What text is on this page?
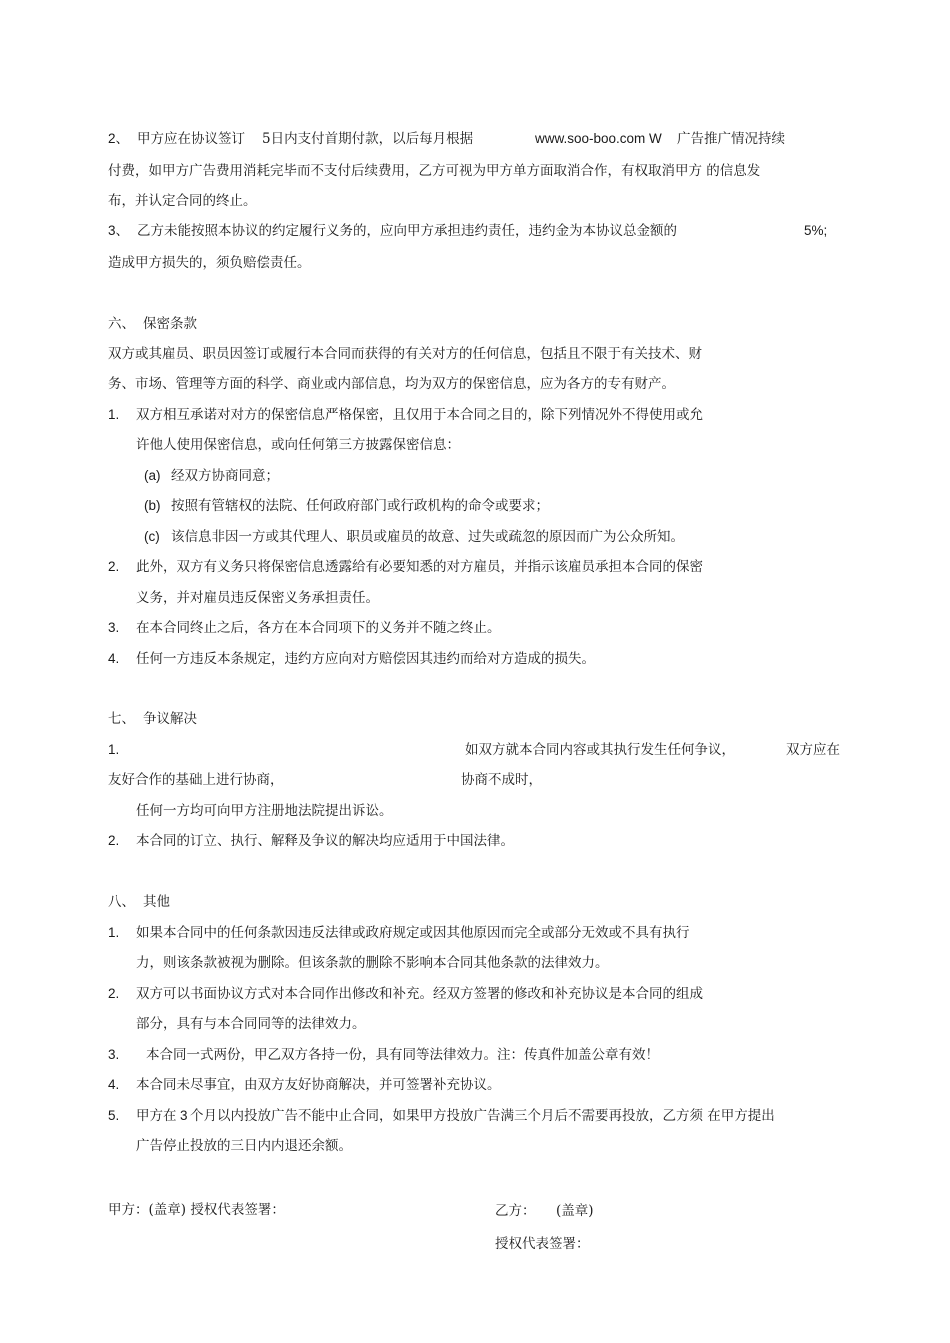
2、 甲方应在协议签订 5日内支付首期付款，以后每月根据	www.soo-boo.com W 广告推广情况持续
付费，如甲方广告费用消耗完毕而不支付后续费用，乙方可视为甲方单方面取消合作，有权取消甲方 的信息发
布，并认定合同的终止。
3、 乙方未能按照本协议的约定履行义务的，应向甲方承担违约责任，违约金为本协议总金额的	5%;
造成甲方损失的，须负赔偿责任。
六、 保密条款
双方或其雇员、职员因签订或履行本合同而获得的有关对方的任何信息，包括且不限于有关技术、财
务、市场、管理等方面的科学、商业或内部信息，均为双方的保密信息，应为各方的专有财产。
1. 双方相互承诺对对方的保密信息严格保密，且仅用于本合同之目的，除下列情况外不得使用或允
许他人使用保密信息，或向任何第三方披露保密信息：
(a) 经双方协商同意；
(b) 按照有管辖权的法院、任何政府部门或行政机构的命令或要求；
(c) 该信息非因一方或其代理人、职员或雇员的故意、过失或疏忽的原因而广为公众所知。
2. 此外，双方有义务只将保密信息透露给有必要知悉的对方雇员，并指示该雇员承担本合同的保密
义务，并对雇员违反保密义务承担责任。
3. 在本合同终止之后，各方在本合同项下的义务并不随之终止。
4. 任何一方违反本条规定，违约方应向对方赔偿因其违约而给对方造成的损失。
七、 争议解决
1.	如双方就本合同内容或其执行发生任何争议，	双方应在
友好合作的基础上进行协商，	协商不成时，
任何一方均可向甲方注册地法院提出诉讼。
2. 本合同的订立、执行、解释及争议的解决均应适用于中国法律。
八、 其他
1. 如果本合同中的任何条款因违反法律或政府规定或因其他原因而完全或部分无效或不具有执行
力，则该条款被视为删除。但该条款的删除不影响本合同其他条款的法律效力。
2. 双方可以书面协议方式对本合同作出修改和补充。经双方签署的修改和补充协议是本合同的组成
部分，具有与本合同同等的法律效力。
3. 本合同一式两份，甲乙双方各持一份，具有同等法律效力。注：传真件加盖公章有效！
4. 本合同未尽事宜，由双方友好协商解决，并可签署补充协议。
5. 甲方在 3 个月以内投放广告不能中止合同，如果甲方投放广告满三个月后不需要再投放，乙方须 在甲方提出
广告停止投放的三日内内退还余额。
甲方：(盖章) 授权代表签署：	乙方： (盖章)
授权代表签署：
